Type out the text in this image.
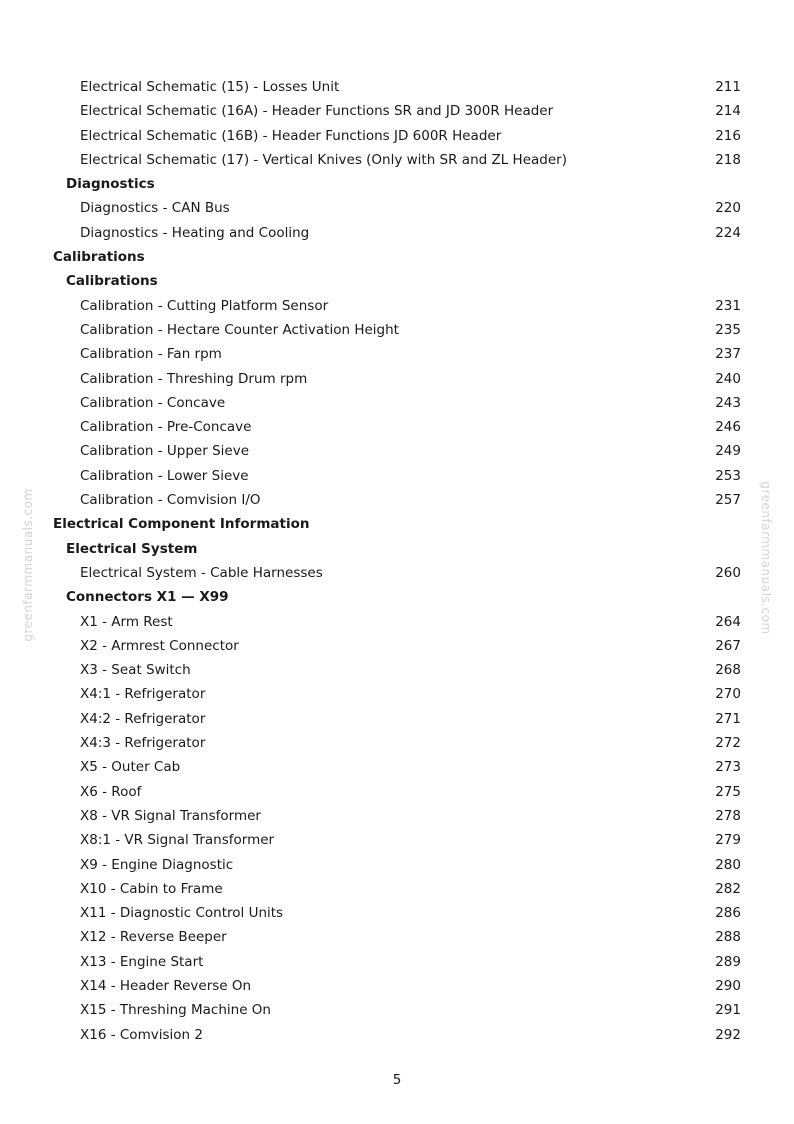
greenfarmmanuals.com	greenfarmmanuals.com
Electrical Schematic (15) - Losses Unit	211
Electrical Schematic (16A) - Header Functions SR and JD 300R Header	214
Electrical Schematic (16B) - Header Functions JD 600R Header	216
Electrical Schematic (17) - Vertical Knives (Only with SR and ZL Header)	218
Diagnostics
Diagnostics - CAN Bus	220
Diagnostics - Heating and Cooling	224
Calibrations
Calibrations
Calibration - Cutting Platform Sensor	231
Calibration - Hectare Counter Activation Height	235
Calibration - Fan rpm	237
Calibration - Threshing Drum rpm	240
Calibration - Concave	243
Calibration - Pre-Concave	246
Calibration - Upper Sieve	249
Calibration - Lower Sieve	253
Calibration - Comvision I/O	257
Electrical Component Information
Electrical System
Electrical System - Cable Harnesses	260
Connectors X1 — X99
X1 - Arm Rest	264
X2 - Armrest Connector	267
X3 - Seat Switch	268
X4:1 - Refrigerator	270
X4:2 - Refrigerator	271
X4:3 - Refrigerator	272
X5 - Outer Cab	273
X6 - Roof	275
X8 - VR Signal Transformer	278
X8:1 - VR Signal Transformer	279
X9 - Engine Diagnostic	280
X10 - Cabin to Frame	282
X11 - Diagnostic Control Units	286
X12 - Reverse Beeper	288
X13 - Engine Start	289
X14 - Header Reverse On	290
X15 - Threshing Machine On	291
X16 - Comvision 2	292
5
